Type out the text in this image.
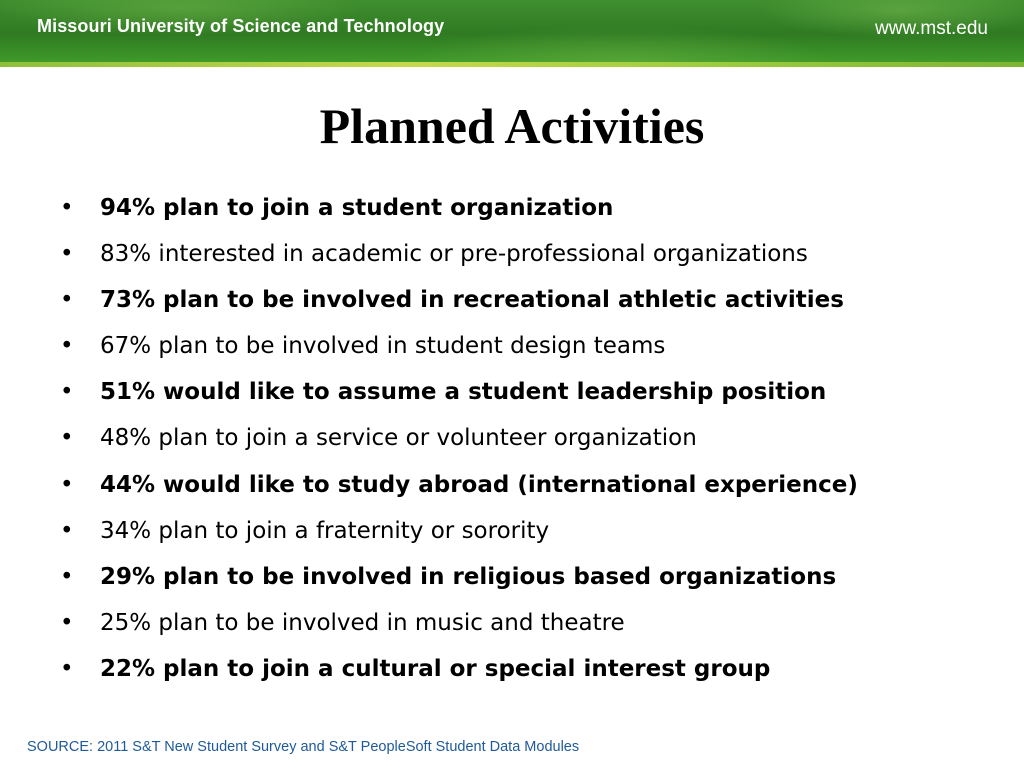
Missouri University of Science and Technology	www.mst.edu
Planned Activities
• 94% plan to join a student organization
• 83% interested in academic or pre-professional organizations
• 73% plan to be involved in recreational athletic activities
• 67% plan to be involved in student design teams
• 51% would like to assume a student leadership position
• 48% plan to join a service or volunteer organization
• 44% would like to study abroad (international experience)
• 34% plan to join a fraternity or sorority
• 29% plan to be involved in religious based organizations
• 25% plan to be involved in music and theatre
• 22% plan to join a cultural or special interest group
SOURCE: 2011 S&T New Student Survey and S&T PeopleSoft Student Data Modules
